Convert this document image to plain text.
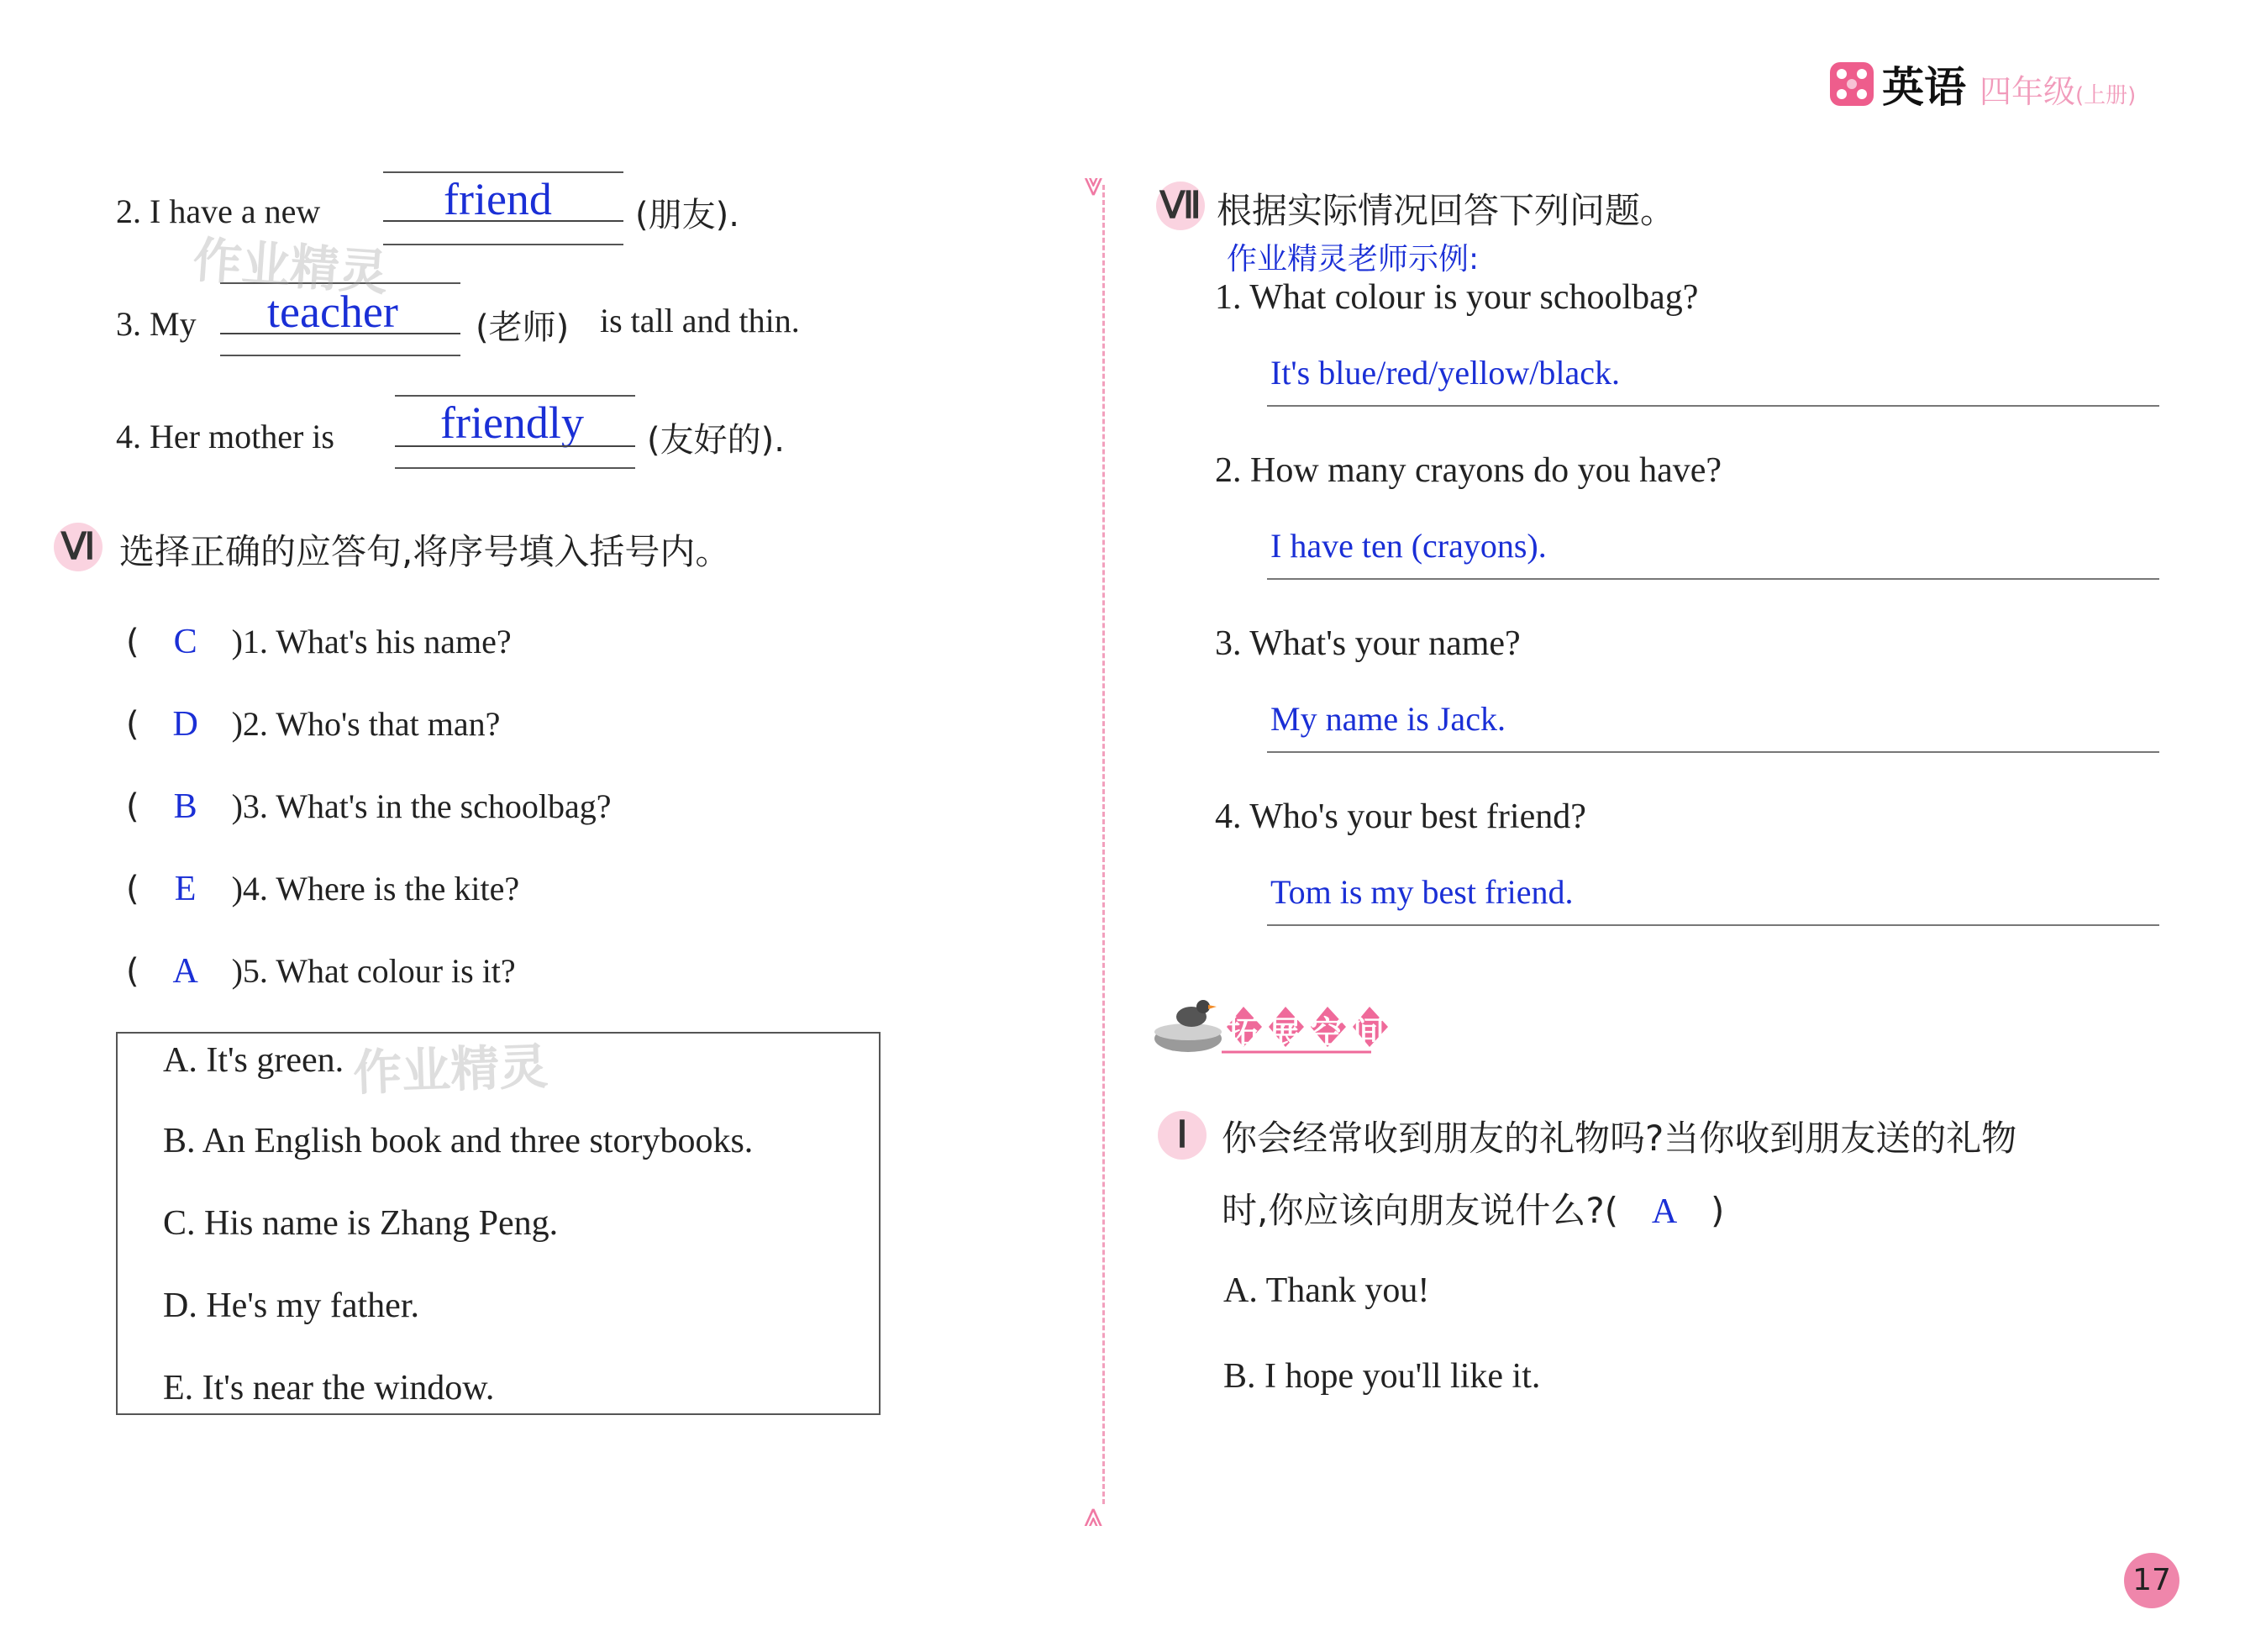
英语 四年级(上册)
⩔
⩓
2. I have a new	friend (朋友).
3. My teacher (老师) is tall and thin.
4. Her mother is friendly (友好的).
作业精灵
Ⅵ 选择正确的应答句,将序号填入括号内。
( C )1. What's his name?
( D )2. Who's that man?
( B )3. What's in the schoolbag?
( E )4. Where is the kite?
( A )5. What colour is it?
A. It's green.
B. An English book and three storybooks.
C. His name is Zhang Peng.
D. He's my father.
E. It's near the window.
作业精灵
Ⅶ 根据实际情况回答下列问题。
作业精灵老师示例:
1. What colour is your schoolbag?
It's blue/red/yellow/black.
2. How many crayons do you have?
I have ten (crayons).
3. What's your name?
My name is Jack.
4. Who's your best friend?
Tom is my best friend.
拓展空间
Ⅰ 你会经常收到朋友的礼物吗?当你收到朋友送的礼物
时,你应该向朋友说什么?( A )
A. Thank you!
B. I hope you'll like it.
17
